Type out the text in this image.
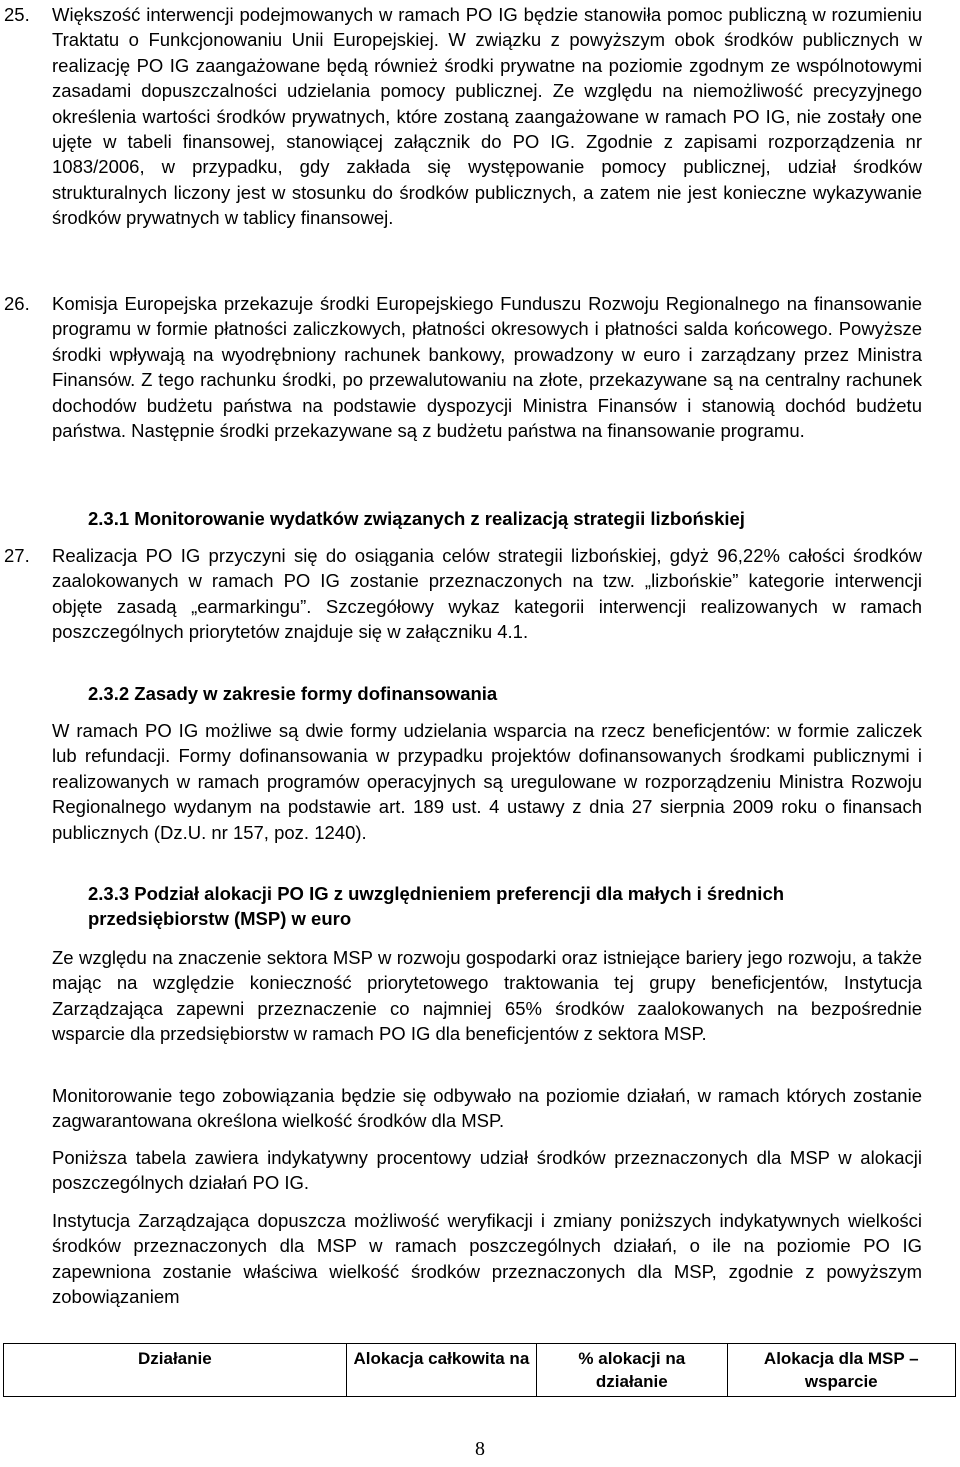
25. Większość interwencji podejmowanych w ramach PO IG będzie stanowiła pomoc publiczną w rozumieniu Traktatu o Funkcjonowaniu Unii Europejskiej. W związku z powyższym obok środków publicznych w realizację PO IG zaangażowane będą również środki prywatne na poziomie zgodnym ze wspólnotowymi zasadami dopuszczalności udzielania pomocy publicznej. Ze względu na niemożliwość precyzyjnego określenia wartości środków prywatnych, które zostaną zaangażowane w ramach PO IG, nie zostały one ujęte w tabeli finansowej, stanowiącej załącznik do PO IG. Zgodnie z zapisami rozporządzenia nr 1083/2006, w przypadku, gdy zakłada się występowanie pomocy publicznej, udział środków strukturalnych liczony jest w stosunku do środków publicznych, a zatem nie jest konieczne wykazywanie środków prywatnych w tablicy finansowej.

26. Komisja Europejska przekazuje środki Europejskiego Funduszu Rozwoju Regionalnego na finansowanie programu w formie płatności zaliczkowych, płatności okresowych i płatności salda końcowego. Powyższe środki wpływają na wyodrębniony rachunek bankowy, prowadzony w euro i zarządzany przez Ministra Finansów. Z tego rachunku środki, po przewalutowaniu na złote, przekazywane są na centralny rachunek dochodów budżetu państwa na podstawie dyspozycji Ministra Finansów i stanowią dochód budżetu państwa. Następnie środki przekazywane są z budżetu państwa na finansowanie programu.

2.3.1 Monitorowanie wydatków związanych z realizacją strategii lizbońskiej

27. Realizacja PO IG przyczyni się do osiągania celów strategii lizbońskiej, gdyż 96,22% całości środków zaalokowanych w ramach PO IG zostanie przeznaczonych na tzw. „lizbońskie” kategorie interwencji objęte zasadą „earmarkingu”. Szczegółowy wykaz kategorii interwencji realizowanych w ramach poszczególnych priorytetów znajduje się w załączniku 4.1.

2.3.2 Zasady w zakresie formy dofinansowania

W ramach PO IG możliwe są dwie formy udzielania wsparcia na rzecz beneficjentów: w formie zaliczek lub refundacji. Formy dofinansowania w przypadku projektów dofinansowanych środkami publicznymi i realizowanych w ramach programów operacyjnych są uregulowane w rozporządzeniu Ministra Rozwoju Regionalnego wydanym na podstawie art. 189 ust. 4 ustawy z dnia 27 sierpnia 2009 roku o finansach publicznych (Dz.U. nr 157, poz. 1240).

2.3.3 Podział alokacji PO IG z uwzględnieniem preferencji dla małych i średnich przedsiębiorstw (MSP) w euro

Ze względu na znaczenie sektora MSP w rozwoju gospodarki oraz istniejące bariery jego rozwoju, a także mając na względzie konieczność priorytetowego traktowania tej grupy beneficjentów, Instytucja Zarządzająca zapewni przeznaczenie co najmniej 65% środków zaalokowanych na bezpośrednie wsparcie dla przedsiębiorstw w ramach PO IG dla beneficjentów z sektora MSP.

Monitorowanie tego zobowiązania będzie się odbywało na poziomie działań, w ramach których zostanie zagwarantowana określona wielkość środków dla MSP.

Poniższa tabela zawiera indykatywny procentowy udział środków przeznaczonych dla MSP w alokacji poszczególnych działań PO IG.

Instytucja Zarządzająca dopuszcza możliwość weryfikacji i zmiany poniższych indykatywnych wielkości środków przeznaczonych dla MSP w ramach poszczególnych działań, o ile na poziomie PO IG zapewniona zostanie właściwa wielkość środków przeznaczonych dla MSP, zgodnie z powyższym zobowiązaniem

Działanie	Alokacja całkowita na	% alokacji na działanie	Alokacja dla MSP – wsparcie
8
